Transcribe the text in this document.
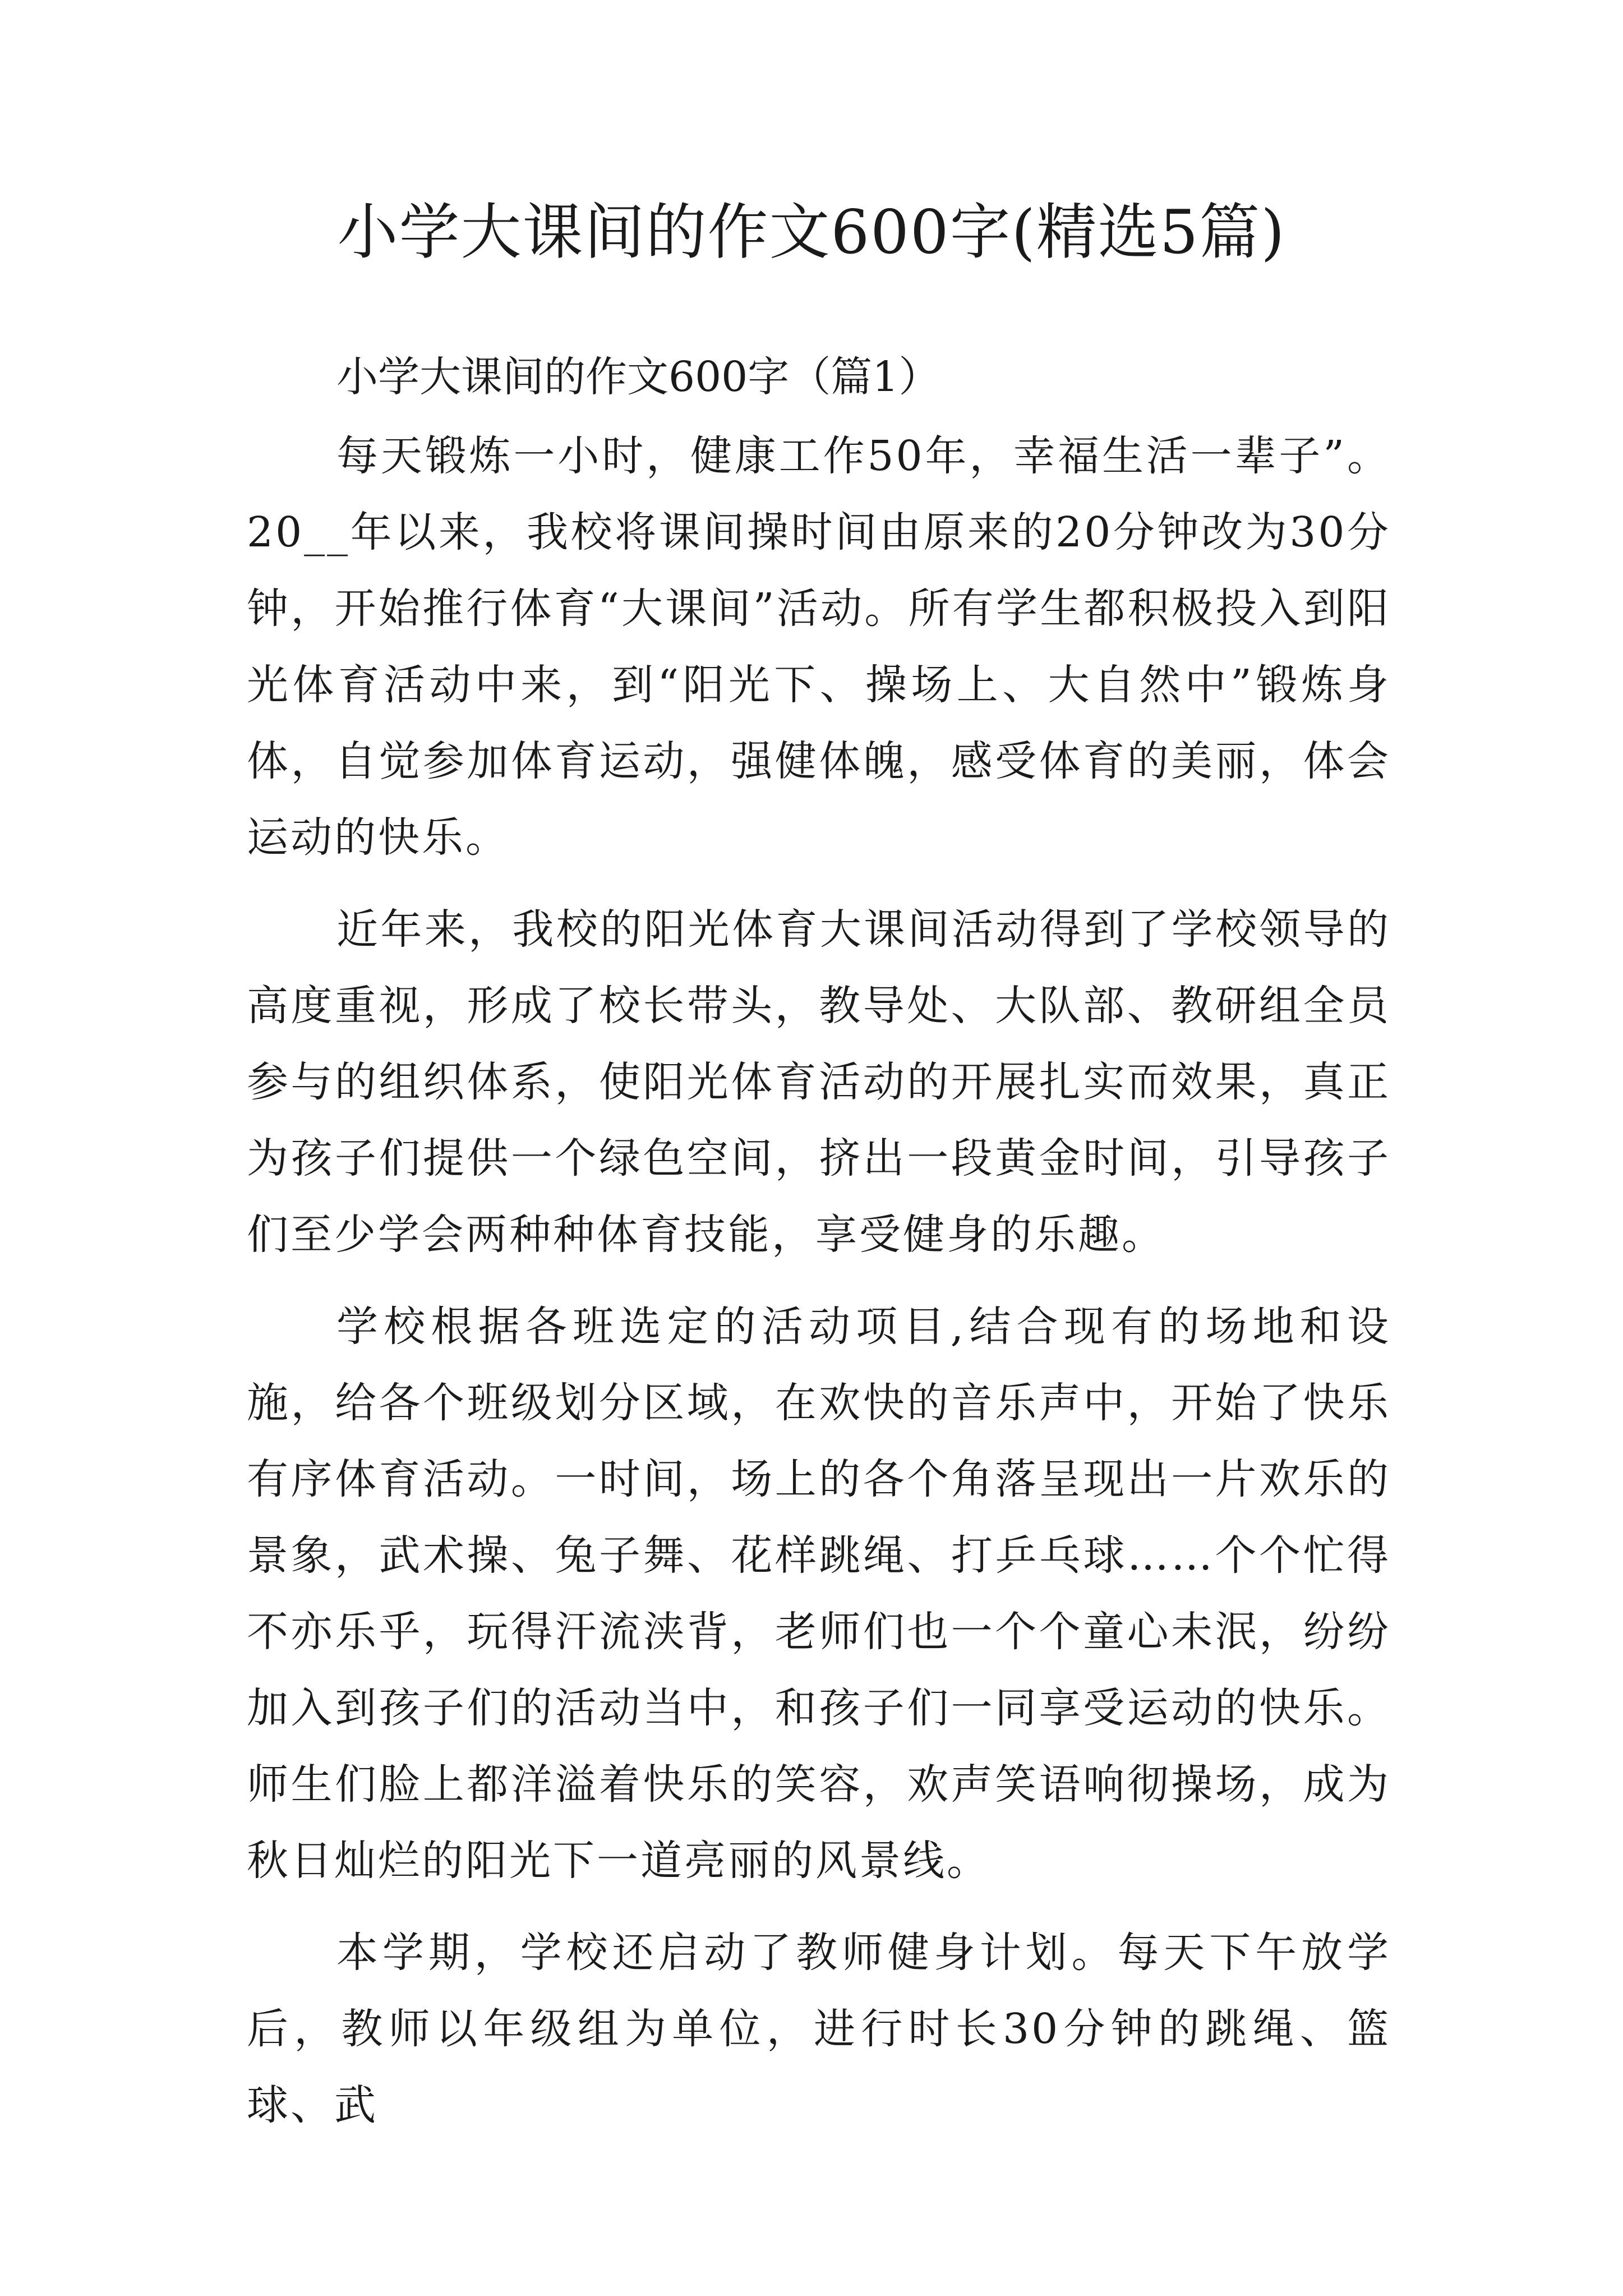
小学大课间的作文600字(精选5篇)
小学大课间的作文600字（篇1）

每天锻炼一小时，健康工作50年，幸福生活一辈子”。20__年以来，我校将课间操时间由原来的20分钟改为30分钟，开始推行体育“大课间”活动。所有学生都积极投入到阳光体育活动中来，到“阳光下、操场上、大自然中”锻炼身体，自觉参加体育运动，强健体魄，感受体育的美丽，体会运动的快乐。

近年来，我校的阳光体育大课间活动得到了学校领导的高度重视，形成了校长带头，教导处、大队部、教研组全员参与的组织体系，使阳光体育活动的开展扎实而效果，真正为孩子们提供一个绿色空间，挤出一段黄金时间，引导孩子们至少学会两种种体育技能，享受健身的乐趣。

学校根据各班选定的活动项目,结合现有的场地和设施，给各个班级划分区域，在欢快的音乐声中，开始了快乐有序体育活动。一时间，场上的各个角落呈现出一片欢乐的景象，武术操、兔子舞、花样跳绳、打乒乓球……个个忙得不亦乐乎，玩得汗流浃背，老师们也一个个童心未泯，纷纷加入到孩子们的活动当中，和孩子们一同享受运动的快乐。师生们脸上都洋溢着快乐的笑容，欢声笑语响彻操场，成为秋日灿烂的阳光下一道亮丽的风景线。

本学期，学校还启动了教师健身计划。每天下午放学后，教师以年级组为单位，进行时长30分钟的跳绳、篮球、武
